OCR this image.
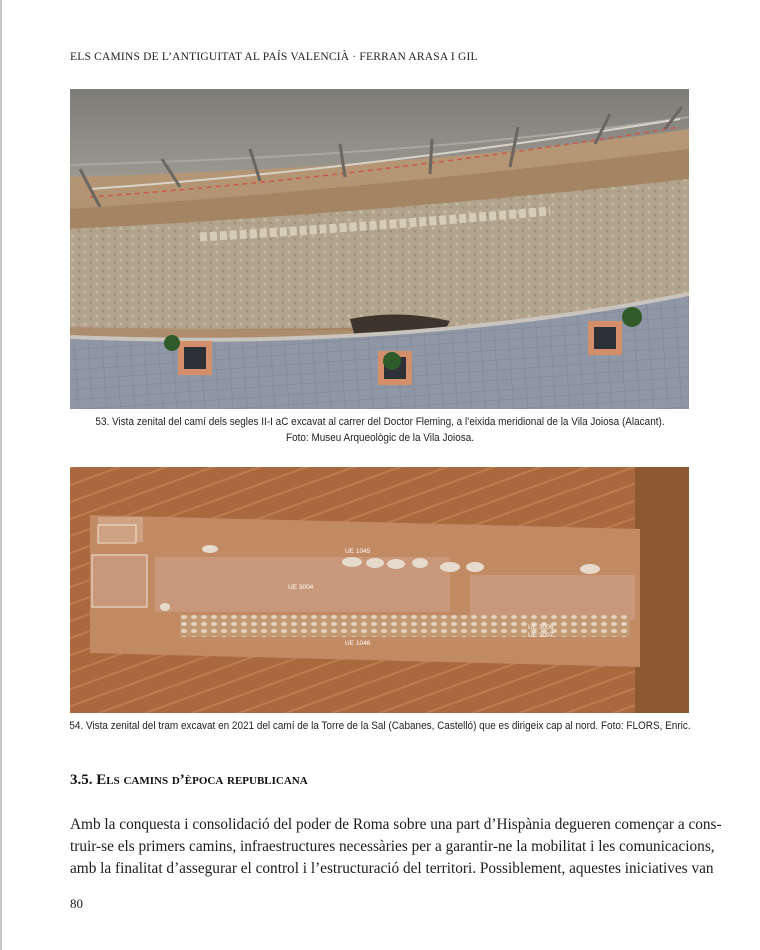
ELS CAMINS DE L’ANTIGUITAT AL PAÍS VALENCIÀ · FERRAN ARASA I GIL
53. Vista zenital del camí dels segles II-I aC excavat al carrer del Doctor Fleming, a l’eixida meridional de la Vila Joiosa (Alacant).
Foto: Museu Arqueològic de la Vila Joiosa.
UE 1045
UE 3004
UE 1046
UE 3006
UE 3007
54. Vista zenital del tram excavat en 2021 del camí de la Torre de la Sal (Cabanes, Castelló) que es dirigeix cap al nord. Foto: FLORS, Enric.
3.5. Els camins d’època republicana
Amb la conquesta i consolidació del poder de Roma sobre una part d’Hispània degueren començar a cons-
truir-se els primers camins, infraestructures necessàries per a garantir-ne la mobilitat i les comunicacions,
amb la finalitat d’assegurar el control i l’estructuració del territori. Possiblement, aquestes iniciatives van
80
